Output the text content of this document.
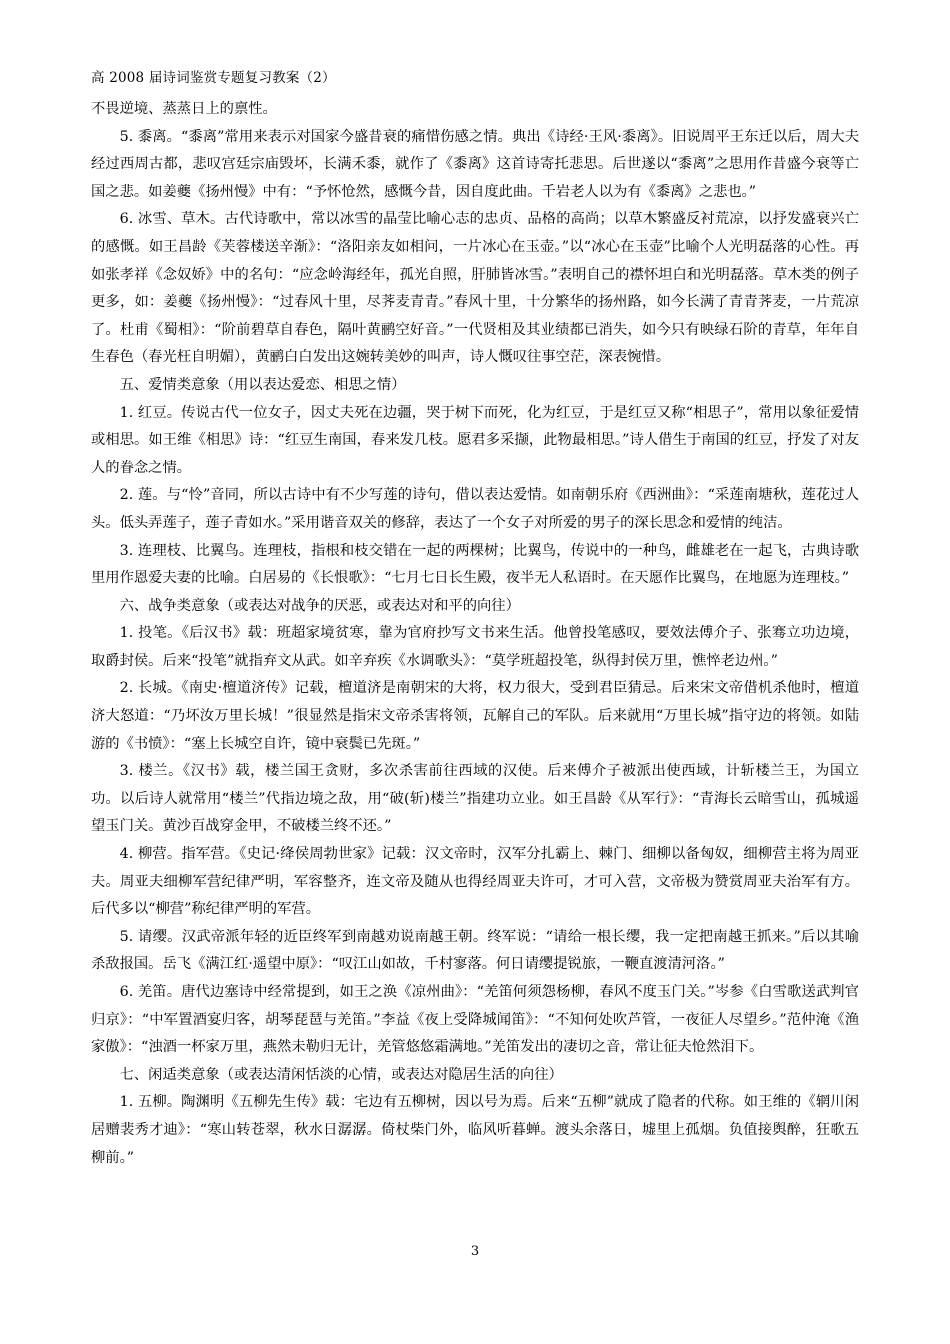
高 2008 届诗词鉴赏专题复习教案（2）

不畏逆境、蒸蒸日上的禀性。

5. 黍离。“黍离”常用来表示对国家今盛昔衰的痛惜伤感之情。典出《诗经·王风·黍离》。旧说周平王东迁以后，周大夫经过西周古都，悲叹宫廷宗庙毁坏，长满禾黍，就作了《黍离》这首诗寄托悲思。后世遂以“黍离”之思用作昔盛今衰等亡国之悲。如姜夔《扬州慢》中有：“予怀怆然，感慨今昔，因自度此曲。千岩老人以为有《黍离》之悲也。”

6. 冰雪、草木。古代诗歌中，常以冰雪的晶莹比喻心志的忠贞、品格的高尚；以草木繁盛反衬荒凉，以抒发盛衰兴亡的感慨。如王昌龄《芙蓉楼送辛渐》：“洛阳亲友如相问，一片冰心在玉壶。”以“冰心在玉壶”比喻个人光明磊落的心性。再如张孝祥《念奴娇》中的名句：“应念岭海经年，孤光自照，肝肺皆冰雪。”表明自己的襟怀坦白和光明磊落。草木类的例子更多，如：姜夔《扬州慢》：“过春风十里，尽荠麦青青。”春风十里，十分繁华的扬州路，如今长满了青青荠麦，一片荒凉了。杜甫《蜀相》：“阶前碧草自春色，隔叶黄鹂空好音。”一代贤相及其业绩都已消失，如今只有映绿石阶的青草，年年自生春色（春光枉自明媚），黄鹂白白发出这婉转美妙的叫声，诗人慨叹往事空茫，深表惋惜。

五、爱情类意象（用以表达爱恋、相思之情）

1. 红豆。传说古代一位女子，因丈夫死在边疆，哭于树下而死，化为红豆，于是红豆又称“相思子”，常用以象征爱情或相思。如王维《相思》诗：“红豆生南国，春来发几枝。愿君多采撷，此物最相思。”诗人借生于南国的红豆，抒发了对友人的眷念之情。

2. 莲。与“怜”音同，所以古诗中有不少写莲的诗句，借以表达爱情。如南朝乐府《西洲曲》：“采莲南塘秋，莲花过人头。低头弄莲子，莲子青如水。”采用谐音双关的修辞，表达了一个女子对所爱的男子的深长思念和爱情的纯洁。

3. 连理枝、比翼鸟。连理枝，指根和枝交错在一起的两棵树；比翼鸟，传说中的一种鸟，雌雄老在一起飞，古典诗歌里用作恩爱夫妻的比喻。白居易的《长恨歌》：“七月七日长生殿，夜半无人私语时。在天愿作比翼鸟，在地愿为连理枝。”

六、战争类意象（或表达对战争的厌恶，或表达对和平的向往）

1. 投笔。《后汉书》载：班超家境贫寒，靠为官府抄写文书来生活。他曾投笔感叹，要效法傅介子、张骞立功边境，取爵封侯。后来“投笔”就指弃文从武。如辛弃疾《水调歌头》：“莫学班超投笔，纵得封侯万里，憔悴老边州。”

2. 长城。《南史·檀道济传》记载，檀道济是南朝宋的大将，权力很大，受到君臣猜忌。后来宋文帝借机杀他时，檀道济大怒道：“乃坏汝万里长城！”很显然是指宋文帝杀害将领，瓦解自己的军队。后来就用“万里长城”指守边的将领。如陆游的《书愤》：“塞上长城空自许，镜中衰鬓已先斑。”

3. 楼兰。《汉书》载，楼兰国王贪财，多次杀害前往西域的汉使。后来傅介子被派出使西域，计斩楼兰王，为国立功。以后诗人就常用“楼兰”代指边境之敌，用“破(斩)楼兰”指建功立业。如王昌龄《从军行》：“青海长云暗雪山，孤城遥望玉门关。黄沙百战穿金甲，不破楼兰终不还。”

4. 柳营。指军营。《史记·绛侯周勃世家》记载：汉文帝时，汉军分扎霸上、棘门、细柳以备匈奴，细柳营主将为周亚夫。周亚夫细柳军营纪律严明，军容整齐，连文帝及随从也得经周亚夫许可，才可入营，文帝极为赞赏周亚夫治军有方。后代多以“柳营”称纪律严明的军营。

5. 请缨。汉武帝派年轻的近臣终军到南越劝说南越王朝。终军说：“请给一根长缨，我一定把南越王抓来。”后以其喻杀敌报国。岳飞《满江红·遥望中原》：“叹江山如故，千村寥落。何日请缨提锐旅，一鞭直渡清河洛。”

6. 羌笛。唐代边塞诗中经常提到，如王之涣《凉州曲》：“羌笛何须怨杨柳，春风不度玉门关。”岑参《白雪歌送武判官归京》：“中军置酒宴归客，胡琴琵琶与羌笛。”李益《夜上受降城闻笛》：“不知何处吹芦管，一夜征人尽望乡。”范仲淹《渔家傲》：“浊酒一杯家万里，燕然未勒归无计，羌管悠悠霜满地。”羌笛发出的凄切之音，常让征夫怆然泪下。

七、闲适类意象（或表达清闲恬淡的心情，或表达对隐居生活的向往）

1. 五柳。陶渊明《五柳先生传》载：宅边有五柳树，因以号为焉。后来“五柳”就成了隐者的代称。如王维的《辋川闲居赠裴秀才迪》：“寒山转苍翠，秋水日潺潺。倚杖柴门外，临风听暮蝉。渡头余落日，墟里上孤烟。负值接舆醉，狂歌五柳前。”

3
